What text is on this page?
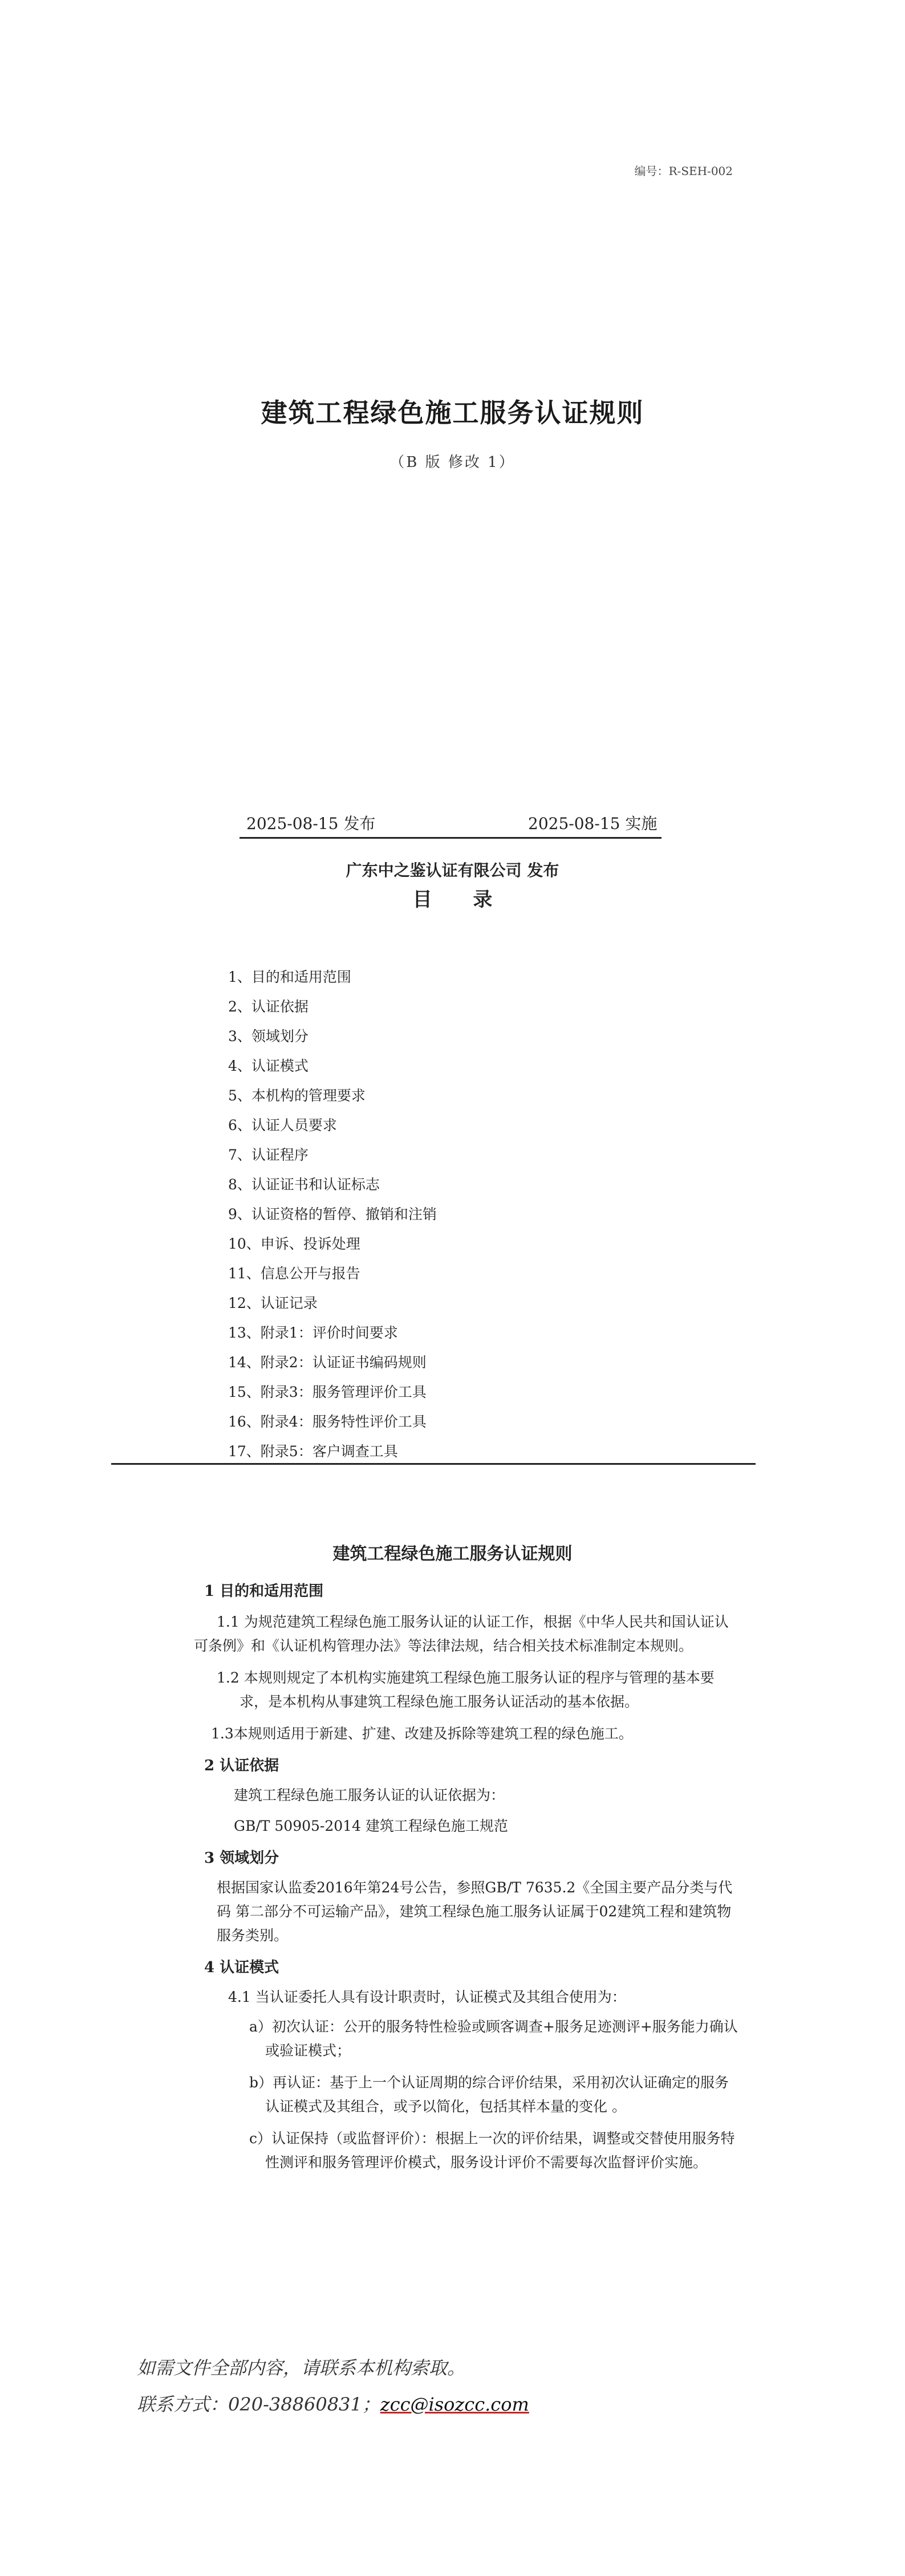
编号：R-SEH-002
建筑工程绿色施工服务认证规则
（B 版 修改 1）
2025-08-15 发布	2025-08-15 实施
广东中之鉴认证有限公司 发布
目 录
1、目的和适用范围
2、认证依据
3、领域划分
4、认证模式
5、本机构的管理要求
6、认证人员要求
7、认证程序
8、认证证书和认证标志
9、认证资格的暂停、撤销和注销
10、申诉、投诉处理
11、信息公开与报告
12、认证记录
13、附录1：评价时间要求
14、附录2：认证证书编码规则
15、附录3：服务管理评价工具
16、附录4：服务特性评价工具
17、附录5：客户调查工具
建筑工程绿色施工服务认证规则

1 目的和适用范围

1.1 为规范建筑工程绿色施工服务认证的认证工作，根据《中华人民共和国认证认可条例》和《认证机构管理办法》等法律法规，结合相关技术标准制定本规则。

1.2 本规则规定了本机构实施建筑工程绿色施工服务认证的程序与管理的基本要求，是本机构从事建筑工程绿色施工服务认证活动的基本依据。

1.3本规则适用于新建、扩建、改建及拆除等建筑工程的绿色施工。

2 认证依据

建筑工程绿色施工服务认证的认证依据为：

GB/T 50905-2014 建筑工程绿色施工规范

3 领域划分

根据国家认监委2016年第24号公告，参照GB/T 7635.2《全国主要产品分类与代码 第二部分不可运输产品》，建筑工程绿色施工服务认证属于02建筑工程和建筑物服务类别。

4 认证模式

4.1 当认证委托人具有设计职责时，认证模式及其组合使用为：

a）初次认证：公开的服务特性检验或顾客调查+服务足迹测评+服务能力确认或验证模式；

b）再认证：基于上一个认证周期的综合评价结果，采用初次认证确定的服务认证模式及其组合，或予以简化，包括其样本量的变化 。

c）认证保持（或监督评价）：根据上一次的评价结果，调整或交替使用服务特性测评和服务管理评价模式，服务设计评价不需要每次监督评价实施。

如需文件全部内容，请联系本机构索取。
联系方式：020-38860831；zcc@isozcc.com
